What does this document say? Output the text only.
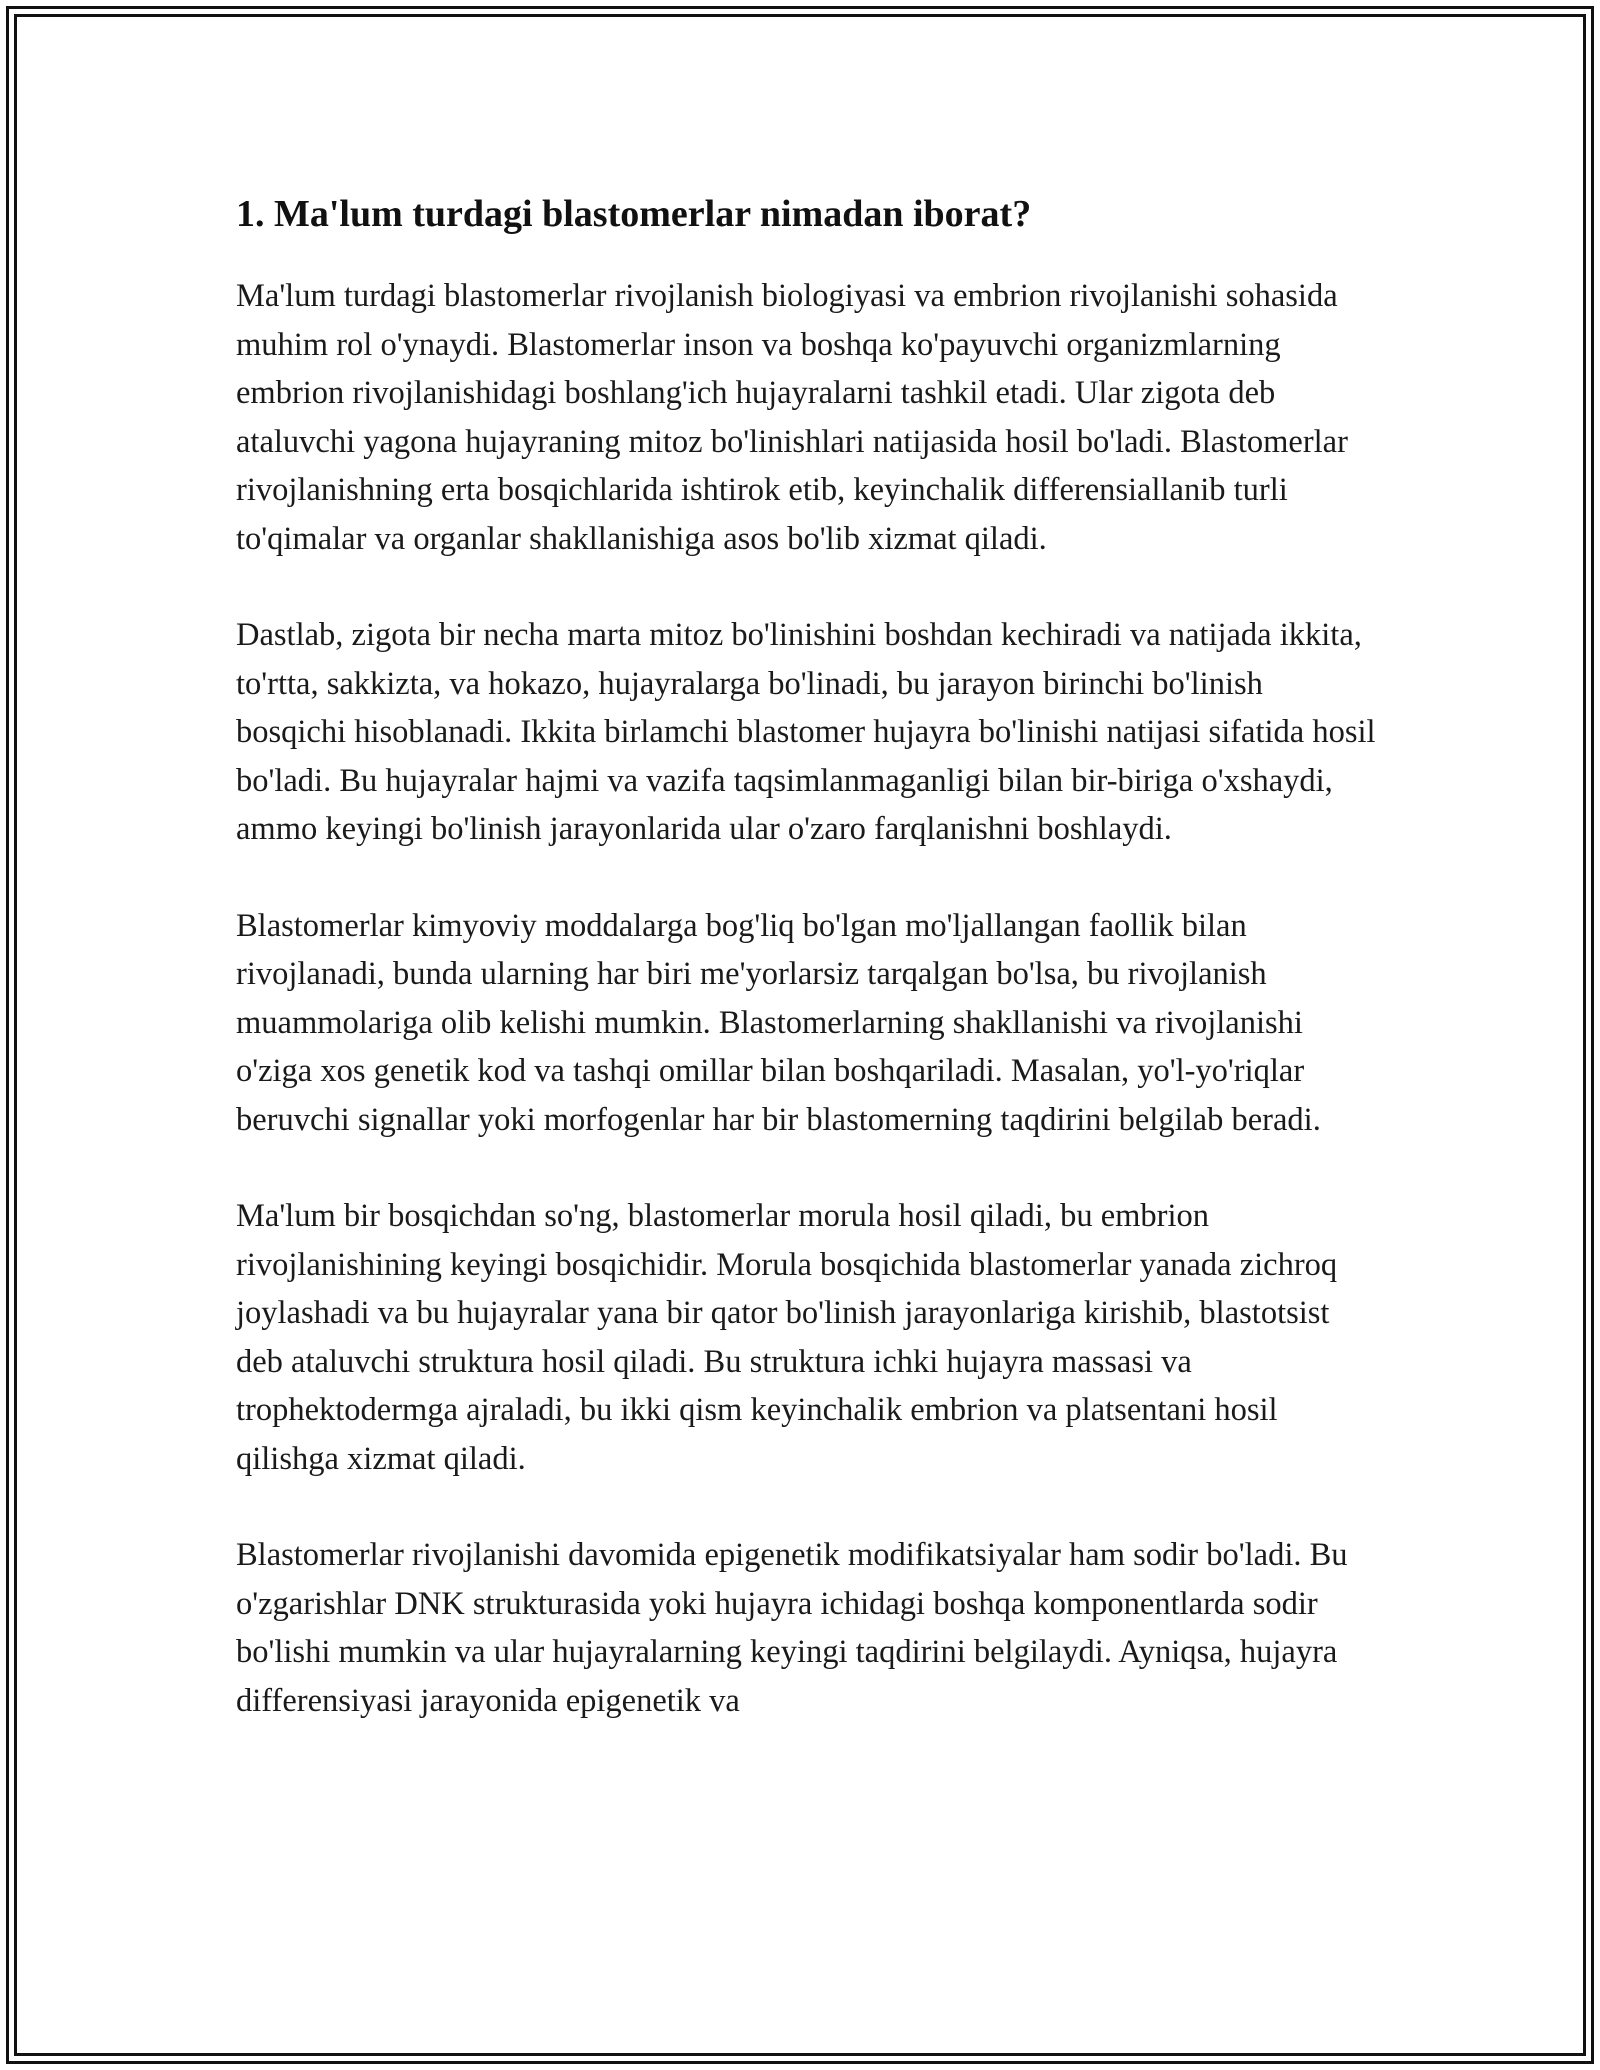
1. Ma'lum turdagi blastomerlar nimadan iborat?

Ma'lum turdagi blastomerlar rivojlanish biologiyasi va embrion rivojlanishi sohasida muhim rol o'ynaydi. Blastomerlar inson va boshqa ko'payuvchi organizmlarning embrion rivojlanishidagi boshlang'ich hujayralarni tashkil etadi. Ular zigota deb ataluvchi yagona hujayraning mitoz bo'linishlari natijasida hosil bo'ladi. Blastomerlar rivojlanishning erta bosqichlarida ishtirok etib, keyinchalik differensiallanib turli to'qimalar va organlar shakllanishiga asos bo'lib xizmat qiladi.

Dastlab, zigota bir necha marta mitoz bo'linishini boshdan kechiradi va natijada ikkita, to'rtta, sakkizta, va hokazo, hujayralarga bo'linadi, bu jarayon birinchi bo'linish bosqichi hisoblanadi. Ikkita birlamchi blastomer hujayra bo'linishi natijasi sifatida hosil bo'ladi. Bu hujayralar hajmi va vazifa taqsimlanmaganligi bilan bir-biriga o'xshaydi, ammo keyingi bo'linish jarayonlarida ular o'zaro farqlanishni boshlaydi.

Blastomerlar kimyoviy moddalarga bog'liq bo'lgan mo'ljallangan faollik bilan rivojlanadi, bunda ularning har biri me'yorlarsiz tarqalgan bo'lsa, bu rivojlanish muammolariga olib kelishi mumkin. Blastomerlarning shakllanishi va rivojlanishi o'ziga xos genetik kod va tashqi omillar bilan boshqariladi. Masalan, yo'l-yo'riqlar beruvchi signallar yoki morfogenlar har bir blastomerning taqdirini belgilab beradi.

Ma'lum bir bosqichdan so'ng, blastomerlar morula hosil qiladi, bu embrion rivojlanishining keyingi bosqichidir. Morula bosqichida blastomerlar yanada zichroq joylashadi va bu hujayralar yana bir qator bo'linish jarayonlariga kirishib, blastotsist deb ataluvchi struktura hosil qiladi. Bu struktura ichki hujayra massasi va trophektodermga ajraladi, bu ikki qism keyinchalik embrion va platsentani hosil qilishga xizmat qiladi.

Blastomerlar rivojlanishi davomida epigenetik modifikatsiyalar ham sodir bo'ladi. Bu o'zgarishlar DNK strukturasida yoki hujayra ichidagi boshqa komponentlarda sodir bo'lishi mumkin va ular hujayralarning keyingi taqdirini belgilaydi. Ayniqsa, hujayra differensiyasi jarayonida epigenetik va
